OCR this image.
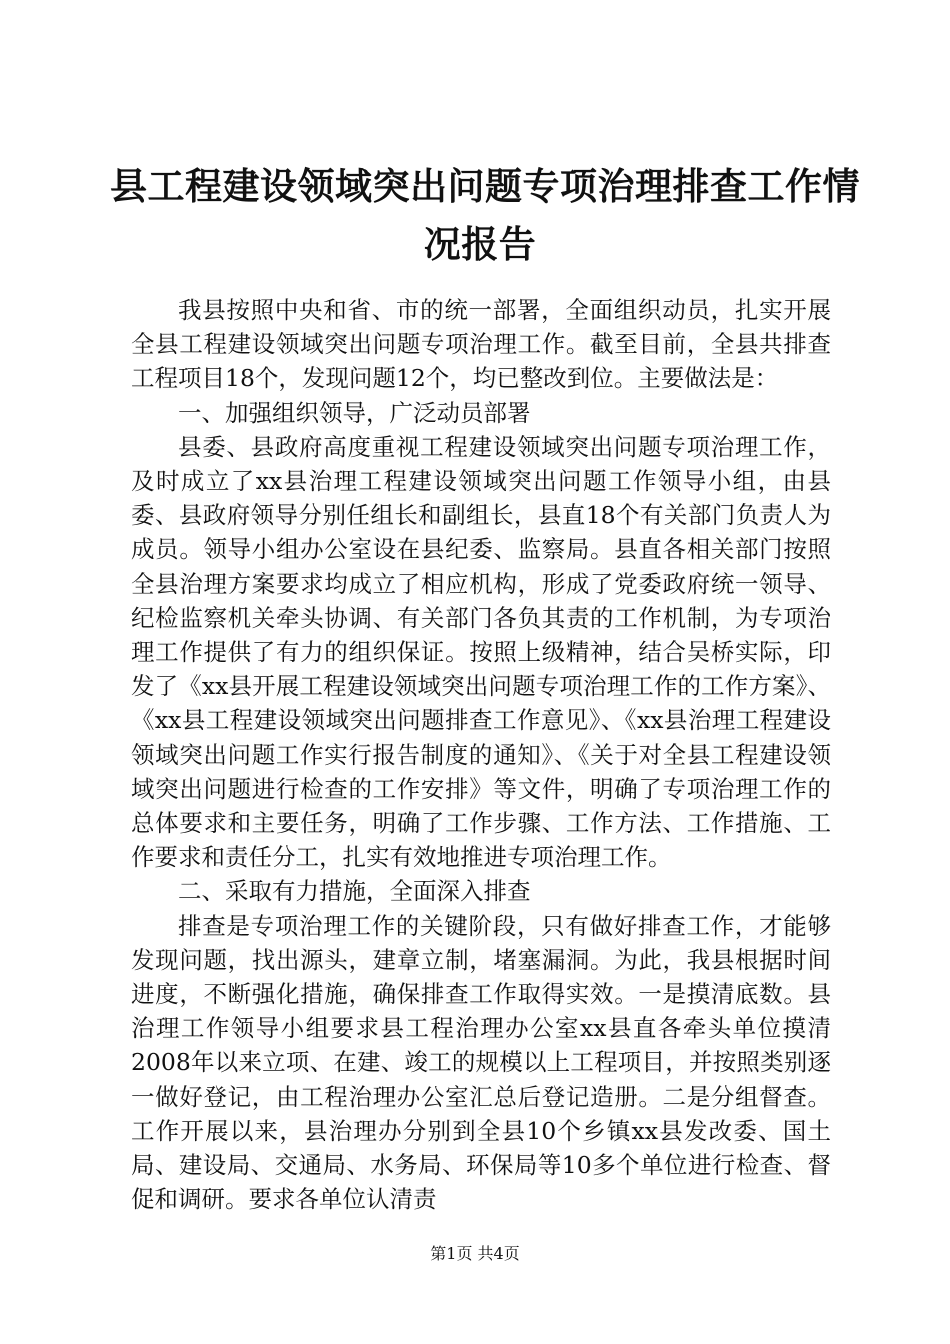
县工程建设领域突出问题专项治理排查工作情
况报告

我县按照中央和省、市的统一部署，全面组织动员，扎实开展全县工程建设领域突出问题专项治理工作。截至目前，全县共排查工程项目18个，发现问题12个，均已整改到位。主要做法是：

一、加强组织领导，广泛动员部署

县委、县政府高度重视工程建设领域突出问题专项治理工作，及时成立了xx县治理工程建设领域突出问题工作领导小组，由县委、县政府领导分别任组长和副组长，县直18个有关部门负责人为成员。领导小组办公室设在县纪委、监察局。县直各相关部门按照全县治理方案要求均成立了相应机构，形成了党委政府统一领导、纪检监察机关牵头协调、有关部门各负其责的工作机制，为专项治理工作提供了有力的组织保证。按照上级精神，结合吴桥实际，印发了《xx县开展工程建设领域突出问题专项治理工作的工作方案》、《xx县工程建设领域突出问题排查工作意见》、《xx县治理工程建设领域突出问题工作实行报告制度的通知》、《关于对全县工程建设领域突出问题进行检查的工作安排》等文件，明确了专项治理工作的总体要求和主要任务，明确了工作步骤、工作方法、工作措施、工作要求和责任分工，扎实有效地推进专项治理工作。

二、采取有力措施，全面深入排查

排查是专项治理工作的关键阶段，只有做好排查工作，才能够发现问题，找出源头，建章立制，堵塞漏洞。为此，我县根据时间进度，不断强化措施，确保排查工作取得实效。一是摸清底数。县治理工作领导小组要求县工程治理办公室xx县直各牵头单位摸清2008年以来立项、在建、竣工的规模以上工程项目，并按照类别逐一做好登记，由工程治理办公室汇总后登记造册。二是分组督查。工作开展以来，县治理办分别到全县10个乡镇xx县发改委、国土局、建设局、交通局、水务局、环保局等10多个单位进行检查、督促和调研。要求各单位认清责

第1页 共4页
